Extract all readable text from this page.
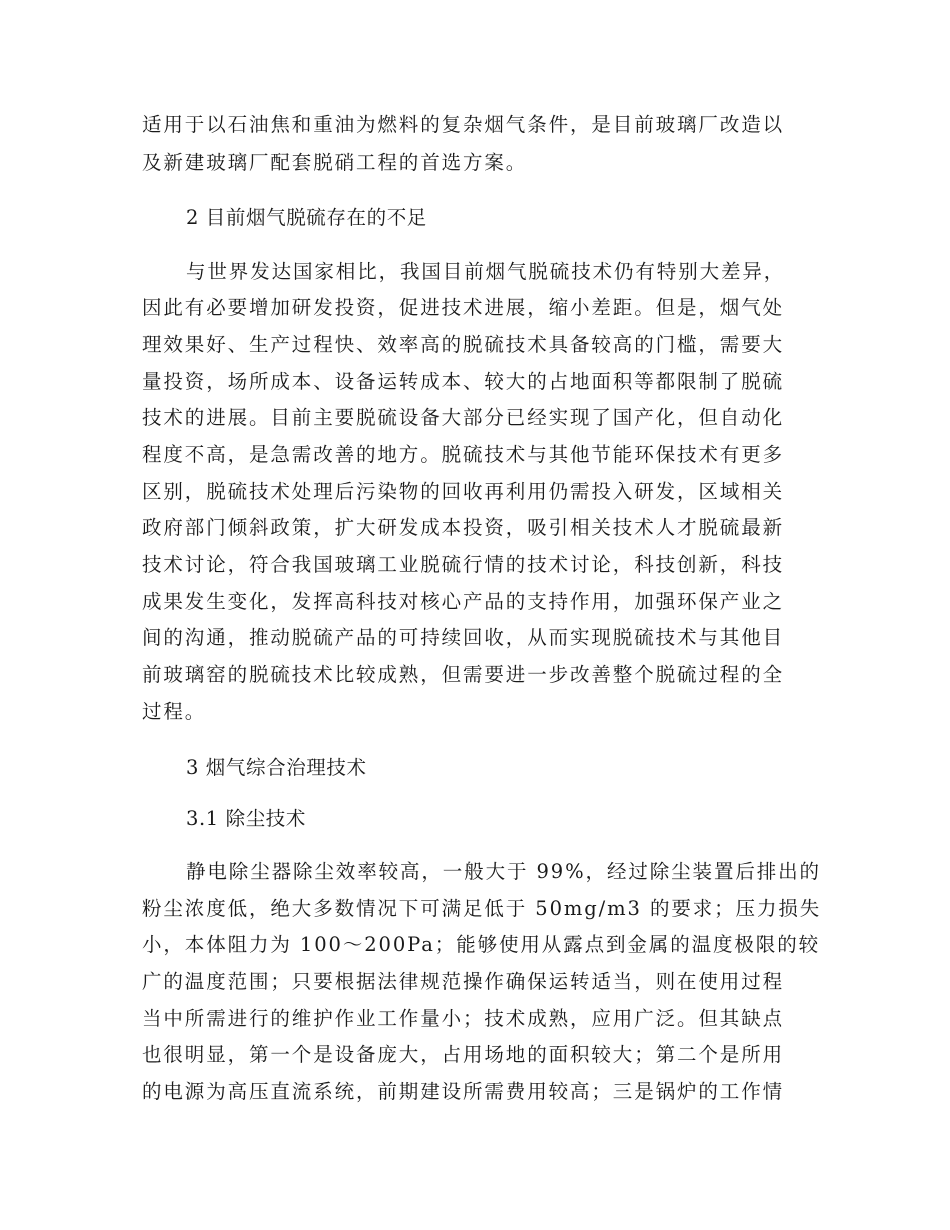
适用于以石油焦和重油为燃料的复杂烟气条件，是目前玻璃厂改造以
及新建玻璃厂配套脱硝工程的首选方案。
2 目前烟气脱硫存在的不足
与世界发达国家相比，我国目前烟气脱硫技术仍有特别大差异，
因此有必要增加研发投资，促进技术进展，缩小差距。但是，烟气处
理效果好、生产过程快、效率高的脱硫技术具备较高的门槛，需要大
量投资，场所成本、设备运转成本、较大的占地面积等都限制了脱硫
技术的进展。目前主要脱硫设备大部分已经实现了国产化，但自动化
程度不高，是急需改善的地方。脱硫技术与其他节能环保技术有更多
区别，脱硫技术处理后污染物的回收再利用仍需投入研发，区域相关
政府部门倾斜政策，扩大研发成本投资，吸引相关技术人才脱硫最新
技术讨论，符合我国玻璃工业脱硫行情的技术讨论，科技创新，科技
成果发生变化，发挥高科技对核心产品的支持作用，加强环保产业之
间的沟通，推动脱硫产品的可持续回收，从而实现脱硫技术与其他目
前玻璃窑的脱硫技术比较成熟，但需要进一步改善整个脱硫过程的全
过程。
3 烟气综合治理技术
3.1 除尘技术
静电除尘器除尘效率较高，一般大于 99%，经过除尘装置后排出的
粉尘浓度低，绝大多数情况下可满足低于 50mg/m3 的要求；压力损失
小，本体阻力为 100～200Pa；能够使用从露点到金属的温度极限的较
广的温度范围；只要根据法律规范操作确保运转适当，则在使用过程
当中所需进行的维护作业工作量小；技术成熟，应用广泛。但其缺点
也很明显，第一个是设备庞大，占用场地的面积较大；第二个是所用
的电源为高压直流系统，前期建设所需费用较高；三是锅炉的工作情
